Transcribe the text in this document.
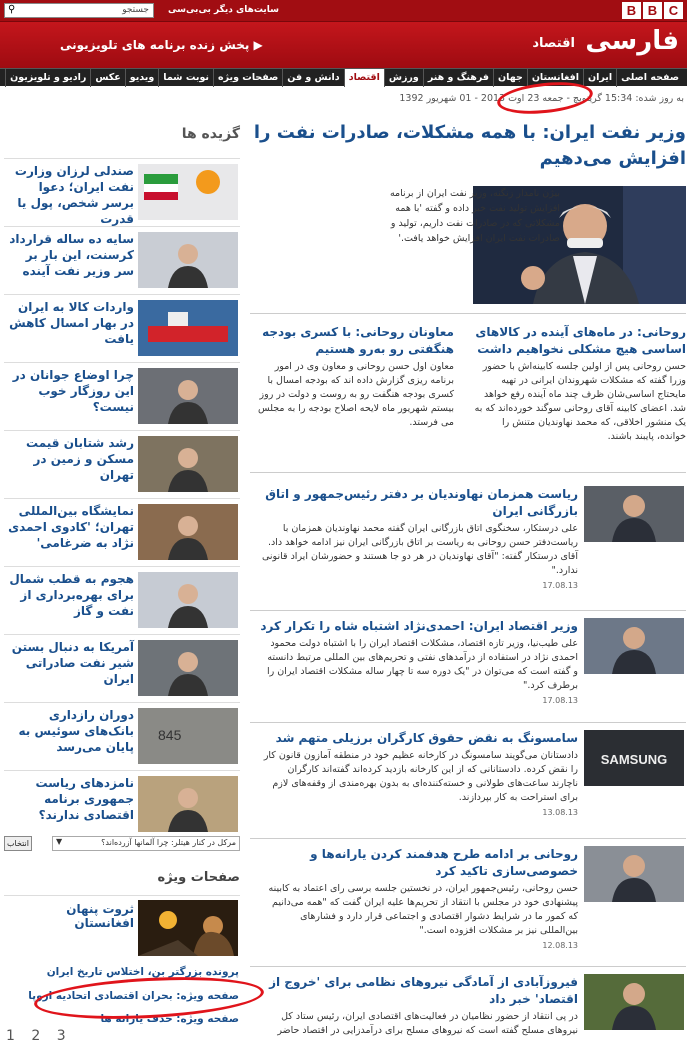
⚲	جستجو	سایت‌های دیگر بی‌بی‌سی	B B C
فارسی
اقتصاد
▶ پخش زنده برنامه های تلویزیونی
صفحه اصلی
ایران
افغانستان
جهان
فرهنگ و هنر
ورزش
اقتصاد
دانش و فن
صفحات ویژه
نوبت شما
ویدیو
عکس
رادیو و تلویزیون
به روز شده: 15:34 گرینویچ - جمعه 23 اوت 2013 - 01 شهریور 1392
وزیر نفت ایران: با همه مشکلات، صادرات نفت را افزایش می‌دهیم
بیژن نامدار زنگنه، وزیر نفت ایران از برنامه افزایش تولید نفت خبر داده و گفته 'با همه مشکلاتی که در صادرات نفت داریم، تولید و صادرات نفت ایران افزایش خواهد یافت.'
معاونان روحانی: با کسری بودجه هنگفتی رو به‌رو هستیم
معاون اول حسن روحانی و معاون وی در امور برنامه ریزی گزارش داده اند که بودجه امسال با کسری بودجه هنگفت رو به روست و دولت در روز بیستم شهریور ماه لایحه اصلاح بودجه را به مجلس می فرستد.
روحانی: در ماه‌های آینده در کالاهای اساسی هیچ مشکلی نخواهیم داشت
حسن روحانی پس از اولین جلسه کابینه‌اش با حضور وزرا گفته که مشکلات شهروندان ایرانی در تهیه مایحتاج اساسی‌شان ظرف چند ماه آینده رفع خواهد شد. اعضای کابینه آقای روحانی سوگند خورده‌اند که به یک منشور اخلاقی، که محمد نهاوندیان متنش را خوانده، پایبند باشند.
ریاست همزمان نهاوندیان بر دفتر رئیس‌جمهور و اتاق بازرگانی ایران
علی درستکار، سخنگوی اتاق بازرگانی ایران گفته محمد نهاوندیان همزمان با ریاست‌دفتر حسن روحانی به ریاست بر اتاق بازرگانی ایران نیز ادامه خواهد داد. آقای درستکار گفته: "آقای نهاوندیان در هر دو جا هستند و حضورشان ایراد قانونی ندارد."
17.08.13
وزیر اقتصاد ایران: احمدی‌نژاد اشتباه شاه را تکرار کرد
علی طیب‌نیا، وزیر تازه اقتصاد، مشکلات اقتصاد ایران را با اشتباه دولت محمود احمدی نژاد در استفاده از درآمدهای نفتی و تحریم‌های بین المللی مرتبط دانسته و گفته است که می‌توان در "یک دوره سه تا چهار ساله مشکلات اقتصاد ایران را برطرف کرد."
17.08.13
SAMSUNG
سامسونگ به نقض حقوق کارگران برزیلی متهم شد
دادستانان می‌گویند سامسونگ در کارخانه عظیم خود در منطقه آمازون قانون کار را نقض کرده. دادستانانی که از این کارخانه بازدید کرده‌اند گفته‌اند کارگران ناچارند ساعت‌های طولانی و خسته‌کننده‌ای به بدون بهره‌مندی از وقفه‌های لازم برای استراحت به کار بپردازند.
13.08.13
روحانی بر ادامه طرح هدفمند کردن یارانه‌ها و خصوصی‌سازی تاکید کرد
حسن روحانی، رئیس‌جمهور ایران، در نخستین جلسه برسی رای اعتماد به کابینه پیشنهادی خود در مجلس با انتقاد از تحریم‌ها علیه ایران گفت که "همه می‌دانیم که کمور ما در شرایط دشوار اقتصادی و اجتماعی قرار دارد و فشارهای بین‌المللی نیز بر مشکلات افزوده است."
12.08.13
فیروزآبادی از آمادگی نیروهای نظامی برای 'خروج از اقتصاد' خبر داد
در پی انتقاد از حضور نظامیان در فعالیت‌های اقتصادی ایران، رئیس ستاد کل نیروهای مسلح گفته است که نیروهای مسلح برای درآمدزایی در اقتصاد حاضر
گزیده ها
صندلی لرزان وزارت نفت ایران؛ دعوا برسر شخص، پول یا قدرت
سایه ده ساله قرارداد کرسنت، این بار بر سر وزیر نفت آینده
واردات کالا به ایران در بهار امسال کاهش یافت
چرا اوضاع جوانان در این روزگار خوب نیست؟
رشد شتابان قیمت مسکن و زمین در تهران
نمایشگاه بین‌المللی تهران؛ 'کادوی احمدی نژاد به ضرغامی'
هجوم به قطب شمال برای بهره‌برداری از نفت و گاز
آمریکا به دنبال بستن شیر نفت صادراتی ایران
845
دوران رازداری بانک‌های سوئیس به پایان می‌رسد
نامزدهای ریاست جمهوری برنامه اقتصادی ندارند؟
انتخاب	▼	مرکل در کنار هیتلر: چرا آلمانها آزرده‌اند؟
صفحات ویژه
ثروت پنهان افغانستان
پرونده بزرگتر بن، اختلاس تاریخ ایران
صفحه ویژه: بحران اقتصادی اتحادیه اروپا
صفحه ویژه: حذف یارانه ها
1 2 3
